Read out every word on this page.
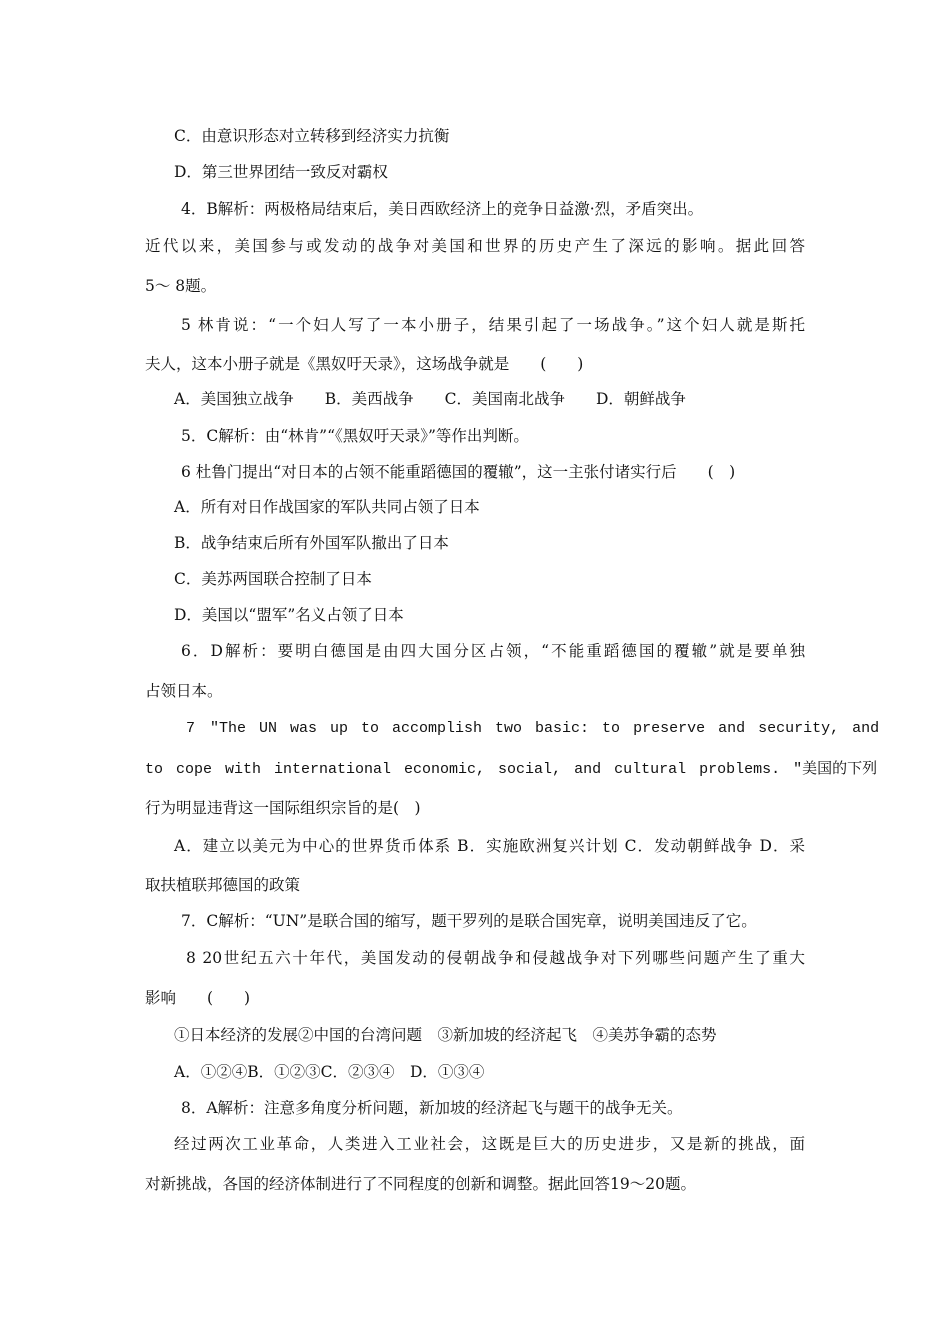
C．由意识形态对立转移到经济实力抗衡
D．第三世界团结一致反对霸权
4．B解析：两极格局结束后，美日西欧经济上的竞争日益激·烈，矛盾突出。
近代以来，美国参与或发动的战争对美国和世界的历史产生了深远的影响。据此回答
5～ 8题。
5 林肯说：“一个妇人写了一本小册子，结果引起了一场战争。”这个妇人就是斯托
夫人，这本小册子就是《黑奴吁天录》，这场战争就是　　(　　)
A．美国独立战争　　B．美西战争　　C．美国南北战争　　D．朝鲜战争
5．C解析：由“林肯”“《黑奴吁天录》”等作出判断。
6 杜鲁门提出“对日本的占领不能重蹈德国的覆辙”，这一主张付诸实行后　　(　)
A．所有对日作战国家的军队共同占领了日本
B．战争结束后所有外国军队撤出了日本
C．美苏两国联合控制了日本
D．美国以“盟军”名义占领了日本
6．D解析：要明白德国是由四大国分区占领，“不能重蹈德国的覆辙”就是要单独
占领日本。
7　"The UN was up to accomplish two basic: to preserve and security, and
to cope with international economic, social, and cultural problems. "美国的下列
行为明显违背这一国际组织宗旨的是(　)
A．建立以美元为中心的世界货币体系 B．实施欧洲复兴计划 C．发动朝鲜战争 D．采
取扶植联邦德国的政策
7．C解析：“UN”是联合国的缩写，题干罗列的是联合国宪章，说明美国违反了它。
8 20世纪五六十年代，美国发动的侵朝战争和侵越战争对下列哪些问题产生了重大
影响　　(　　)
①日本经济的发展②中国的台湾问题　③新加坡的经济起飞　④美苏争霸的态势
A．①②④B．①②③C．②③④　D．①③④
8．A解析：注意多角度分析问题，新加坡的经济起飞与题干的战争无关。
经过两次工业革命，人类进入工业社会，这既是巨大的历史进步，又是新的挑战，面
对新挑战，各国的经济体制进行了不同程度的创新和调整。据此回答19～20题。
